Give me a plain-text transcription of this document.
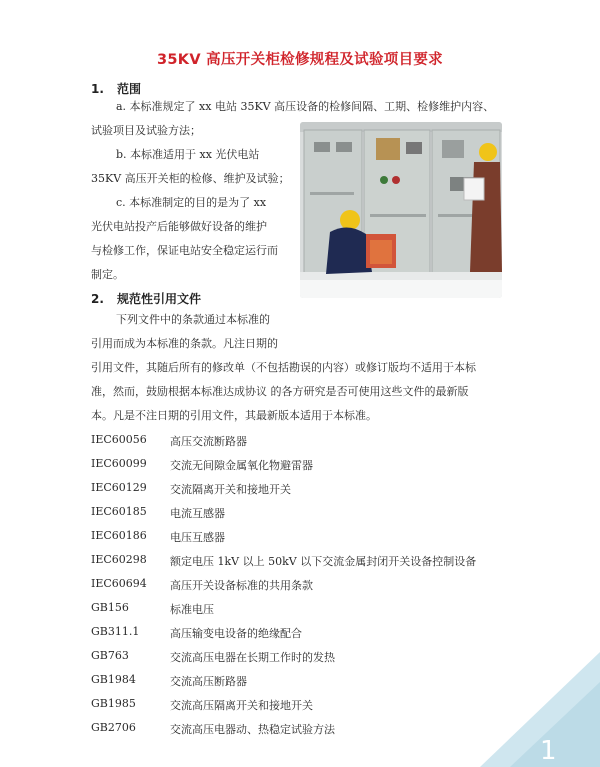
35KV 高压开关柜检修规程及试验项目要求
1. 范围
a. 本标准规定了 xx 电站 35KV 高压设备的检修间隔、工期、检修维护内容、
试验项目及试验方法；
b. 本标准适用于 xx 光伏电站
35KV 高压开关柜的检修、维护及试验；
c. 本标准制定的目的是为了 xx
光伏电站投产后能够做好设备的维护
与检修工作，保证电站安全稳定运行而
制定。
2. 规范性引用文件
下列文件中的条款通过本标准的
引用而成为本标准的条款。凡注日期的
引用文件，其随后所有的修改单（不包括勘误的内容）或修订版均不适用于本标
准，然而，鼓励根据本标准达成协议 的各方研究是否可使用这些文件的最新版
本。凡是不注日期的引用文件，其最新版本适用于本标准。
IEC60056 高压交流断路器
IEC60099 交流无间隙金属氧化物避雷器
IEC60129 交流隔离开关和接地开关
IEC60185 电流互感器
IEC60186 电压互感器
IEC60298 额定电压 1kV 以上 50kV 以下交流金属封闭开关设备控制设备
IEC60694 高压开关设备标准的共用条款
GB156	标准电压
GB311.1	高压输变电设备的绝缘配合
GB763	交流高压电器在长期工作时的发热
GB1984	交流高压断路器
GB1985	交流高压隔离开关和接地开关
GB2706	交流高压电器动、热稳定试验方法
1
